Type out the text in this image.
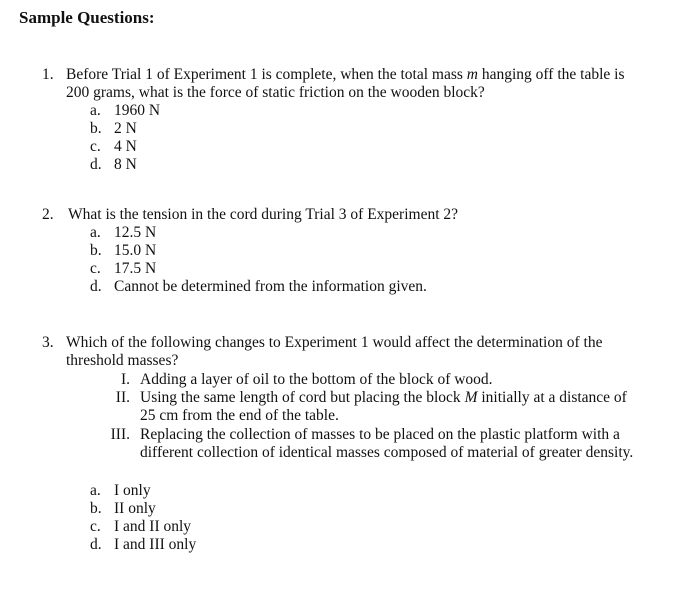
Sample Questions:
1. Before Trial 1 of Experiment 1 is complete, when the total mass m hanging off the table is
200 grams, what is the force of static friction on the wooden block?
a. 1960 N
b. 2 N
c. 4 N
d. 8 N
2. What is the tension in the cord during Trial 3 of Experiment 2?
a. 12.5 N
b. 15.0 N
c. 17.5 N
d. Cannot be determined from the information given.
3. Which of the following changes to Experiment 1 would affect the determination of the
threshold masses?
I. Adding a layer of oil to the bottom of the block of wood.
II. Using the same length of cord but placing the block M initially at a distance of
25 cm from the end of the table.
III. Replacing the collection of masses to be placed on the plastic platform with a
different collection of identical masses composed of material of greater density.
a. I only
b. II only
c. I and II only
d. I and III only
